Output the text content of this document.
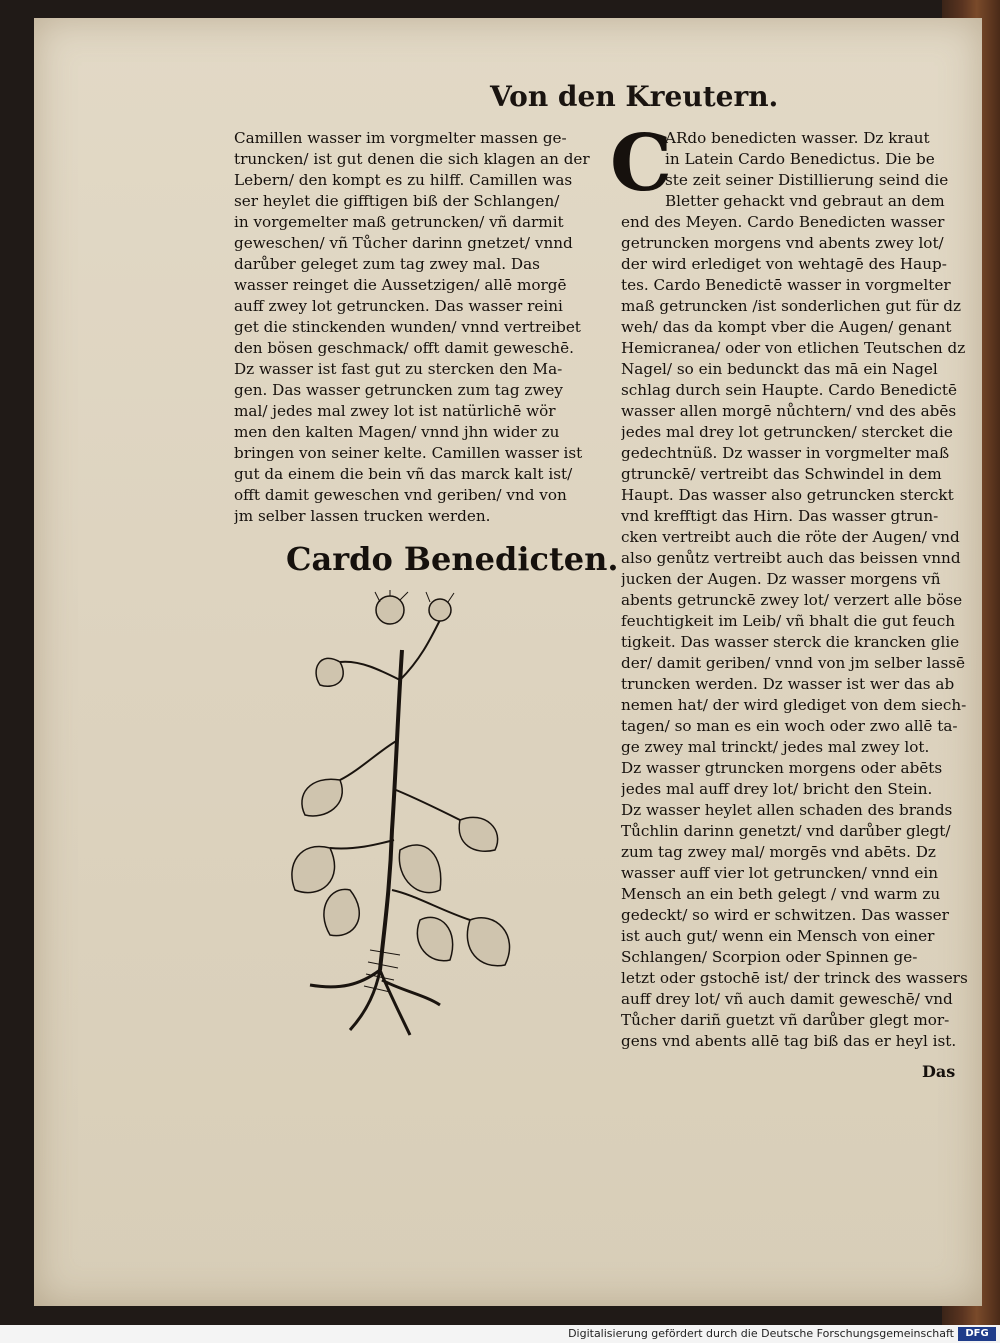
Von den Kreutern.
Camillen wasser im vorgmelter massen ge-
truncken/ ist gut denen die sich klagen an der
Lebern/ den kompt es zu hilff. Camillen was
ser heylet die gifftigen biß der Schlangen/
in vorgemelter maß getruncken/ vñ darmit
geweschen/ vñ Tůcher darinn gnetzet/ vnnd
darůber geleget zum tag zwey mal. Das
wasser reinget die Aussetzigen/ allē morgē
auff zwey lot getruncken. Das wasser reini
get die stinckenden wunden/ vnnd vertreibet
den bösen geschmack/ offt damit geweschē.
Dz wasser ist fast gut zu stercken den Ma-
gen. Das wasser getruncken zum tag zwey
mal/ jedes mal zwey lot ist natürlichē wör
men den kalten Magen/ vnnd jhn wider zu
bringen von seiner kelte. Camillen wasser ist
gut da einem die bein vñ das marck kalt ist/
offt damit geweschen vnd geriben/ vnd von
jm selber lassen trucken werden.
C
ARdo benedicten wasser. Dz kraut
in Latein Cardo Benedictus. Die be
ste zeit seiner Distillierung seind die
Bletter gehackt vnd gebraut an dem
end des Meyen. Cardo Benedicten wasser
getruncken morgens vnd abents zwey lot/
der wird erlediget von wehtagē des Haup-
tes. Cardo Benedictē wasser in vorgmelter
maß getruncken /ist sonderlichen gut für dz
weh/ das da kompt vber die Augen/ genant
Hemicranea/ oder von etlichen Teutschen dz
Nagel/ so ein bedunckt das mā ein Nagel
schlag durch sein Haupte. Cardo Benedictē
wasser allen morgē nůchtern/ vnd des abēs
jedes mal drey lot getruncken/ stercket die
gedechtnüß. Dz wasser in vorgmelter maß
gtrunckē/ vertreibt das Schwindel in dem
Haupt. Das wasser also getruncken sterckt
vnd krefftigt das Hirn. Das wasser gtrun-
cken vertreibt auch die röte der Augen/ vnd
also genůtz vertreibt auch das beissen vnnd
jucken der Augen. Dz wasser morgens vñ
abents getrunckē zwey lot/ verzert alle böse
feuchtigkeit im Leib/ vñ bhalt die gut feuch
tigkeit. Das wasser sterck die krancken glie
der/ damit geriben/ vnnd von jm selber lassē
truncken werden. Dz wasser ist wer das ab
nemen hat/ der wird glediget von dem siech-
tagen/ so man es ein woch oder zwo allē ta-
ge zwey mal trinckt/ jedes mal zwey lot.
Dz wasser gtruncken morgens oder abēts
jedes mal auff drey lot/ bricht den Stein.
Dz wasser heylet allen schaden des brands
Tůchlin darinn genetzt/ vnd darůber glegt/
zum tag zwey mal/ morgēs vnd abēts. Dz
wasser auff vier lot getruncken/ vnnd ein
Mensch an ein beth gelegt / vnd warm zu
gedeckt/ so wird er schwitzen. Das wasser
ist auch gut/ wenn ein Mensch von einer
Schlangen/ Scorpion oder Spinnen ge-
letzt oder gstochē ist/ der trinck des wassers
auff drey lot/ vñ auch damit geweschē/ vnd
Tůcher dariñ guetzt vñ darůber glegt mor-
gens vnd abents allē tag biß das er heyl ist.
Cardo Benedicten.
Das
Digitalisierung gefördert durch die Deutsche Forschungsgemeinschaft	DFG
